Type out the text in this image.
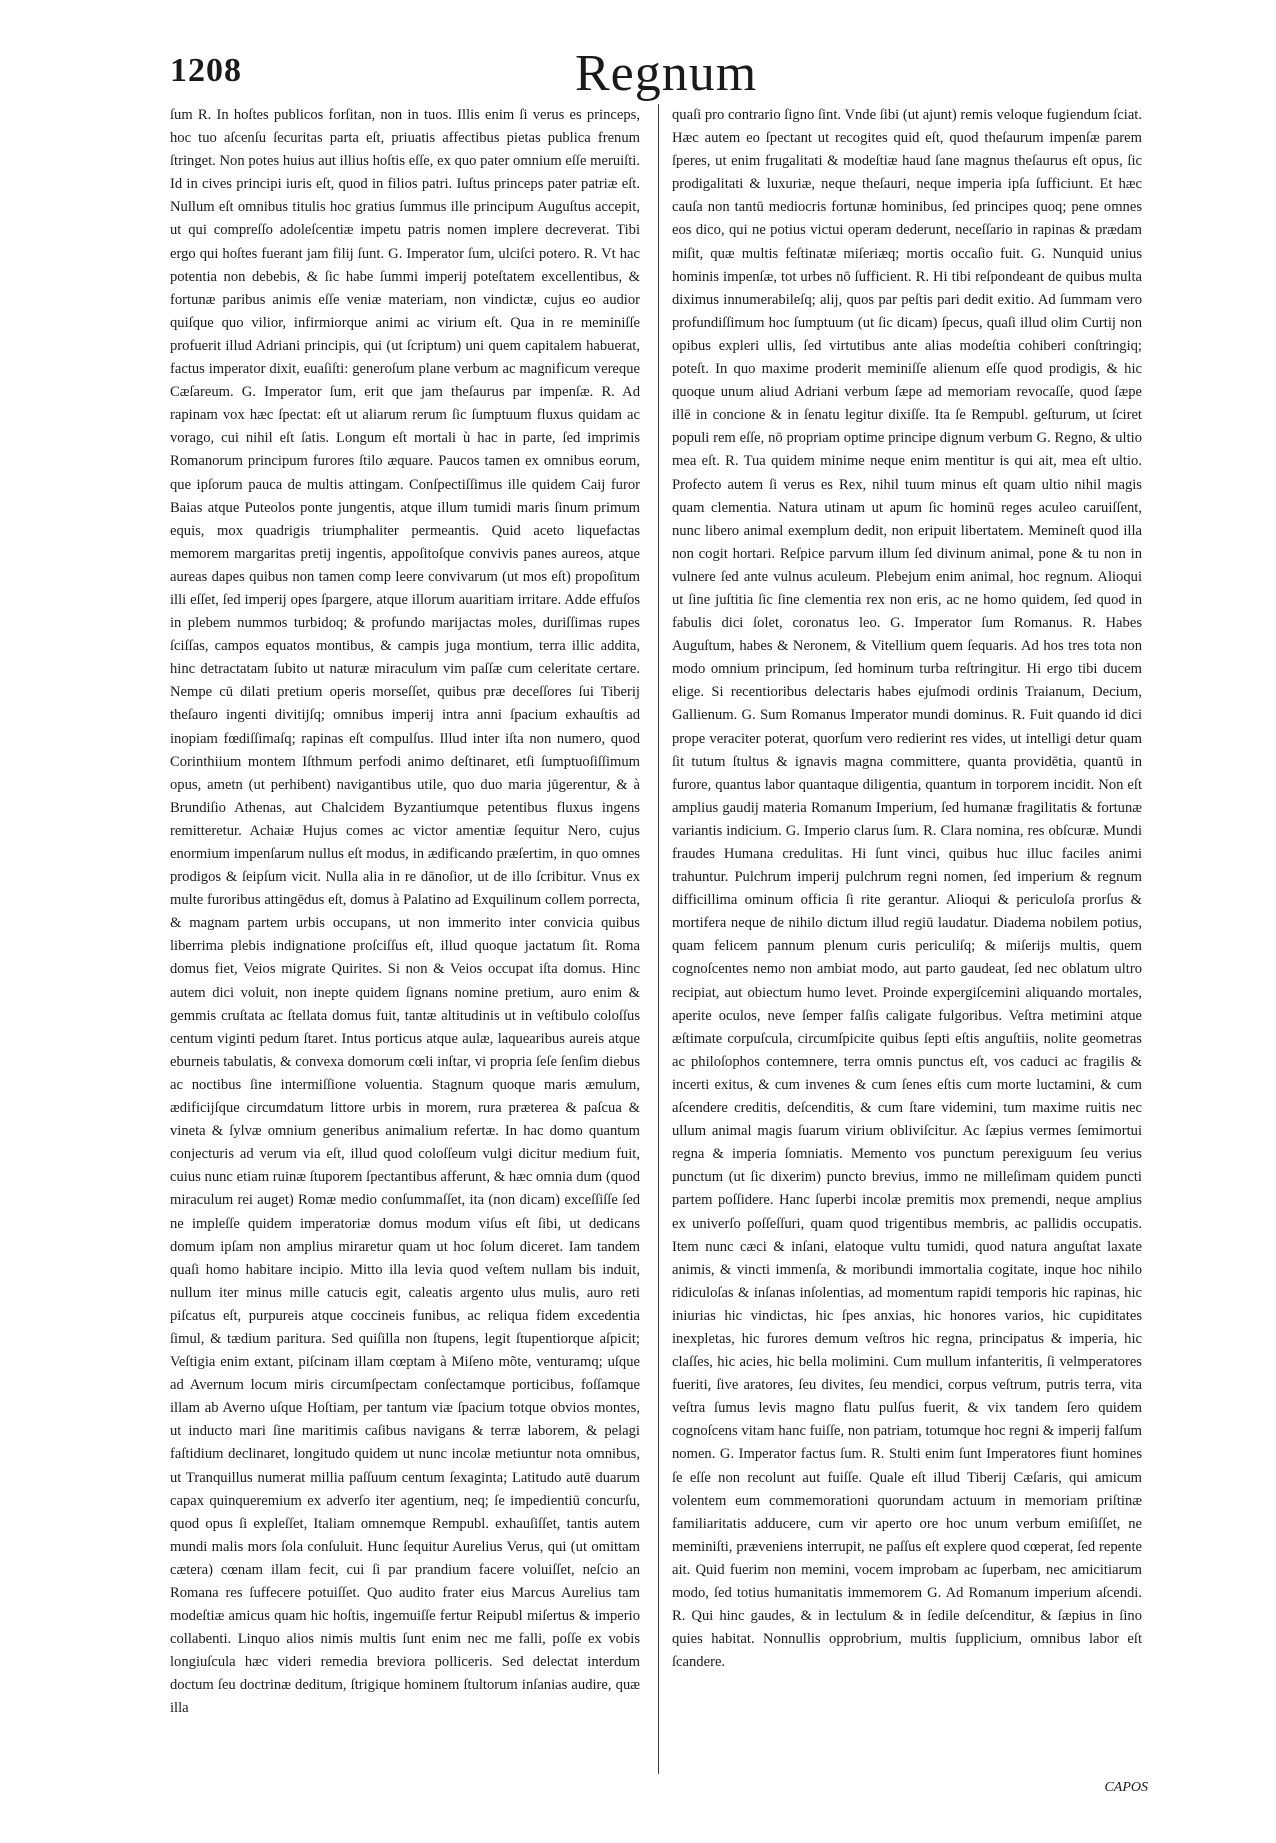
1208	Regnum

ſum R. In hoſtes publicos forſitan, non in tuos. Illis enim ſi verus es princeps, hoc tuo aſcenſu ſecuritas parta eſt, priuatis affectibus pietas publica frenum ſtringet. Non potes huius aut illius hoſtis eſſe, ex quo pater omnium eſſe meruiſti. Id in cives principi iuris eſt, quod in filios patri. Iuſtus princeps pater patriæ eſt. Nullum eſt omnibus titulis hoc gratius ſummus ille principum Auguſtus accepit, ut qui compreſſo adoleſcentiæ impetu patris nomen implere decreverat. Tibi ergo qui hoſtes fuerant jam filij ſunt. G. Imperator ſum, ulciſci potero. R. Vt hac potentia non debebis, & ſic habe ſummi imperij poteſtatem excellentibus, & fortunæ paribus animis eſſe veniæ materiam, non vindictæ, cujus eo audior quiſque quo vilior, infirmiorque animi ac virium eſt. Qua in re meminiſſe profuerit illud Adriani principis, qui (ut ſcriptum) uni quem capitalem habuerat, factus imperator dixit, euaſiſti: generoſum plane verbum ac magnificum vereque Cæſareum. G. Imperator ſum, erit que jam theſaurus par impenſæ. R. Ad rapinam vox hæc ſpectat: eſt ut aliarum rerum ſic ſumptuum fluxus quidam ac vorago, cui nihil eſt ſatis. Longum eſt mortali ù hac in parte, ſed imprimis Romanorum principum furores ſtilo æquare. Paucos tamen ex omnibus eorum, que ipſorum pauca de multis attingam. Conſpectiſſimus ille quidem Caij furor Baias atque Puteolos ponte jungentis, atque illum tumidi maris ſinum primum equis, mox quadrigis triumphaliter permeantis. Quid aceto liquefactas memorem margaritas pretij ingentis, appoſitoſque convivis panes aureos, atque aureas dapes quibus non tamen comp leere convivarum (ut mos eſt) propoſitum illi eſſet, ſed imperij opes ſpargere, atque illorum auaritiam irritare. Adde effuſos in plebem nummos turbidoq; & profundo marijactas moles, duriſſimas rupes ſciſſas, campos equatos montibus, & campis juga montium, terra illic addita, hinc detractatam ſubito ut naturæ miraculum vim paſſæ cum celeritate certare. Nempe cū dilati pretium operis morseſſet, quibus præ deceſſores ſui Tiberij theſauro ingenti divitijſq; omnibus imperij intra anni ſpacium exhauſtis ad inopiam fœdiſſimaſq; rapinas eſt compulſus. Illud inter iſta non numero, quod Corinthiium montem Iſthmum perfodi animo deſtinaret, etſi ſumptuoſiſſimum opus, ametn (ut perhibent) navigantibus utile, quo duo maria jūgerentur, & à Brundiſio Athenas, aut Chalcidem Byzantiumque petentibus fluxus ingens remitteretur. Achaiæ Hujus comes ac victor amentiæ ſequitur Nero, cujus enormium impenſarum nullus eſt modus, in ædificando præſertim, in quo omnes prodigos & ſeipſum vicit. Nulla alia in re dānoſior, ut de illo ſcribitur. Vnus ex multe furoribus attingēdus eſt, domus à Palatino ad Exquilinum collem porrecta, & magnam partem urbis occupans, ut non immerito inter convicia quibus liberrima plebis indignatione proſciſſus eſt, illud quoque jactatum ſit. Roma domus fiet, Veios migrate Quirites. Si non & Veios occupat iſta domus. Hinc autem dici voluit, non inepte quidem ſignans nomine pretium, auro enim & gemmis cruſtata ac ſtellata domus fuit, tantæ altitudinis ut in veſtibulo coloſſus centum viginti pedum ſtaret. Intus porticus atque aulæ, laquearibus aureis atque eburneis tabulatis, & convexa domorum cœli inſtar, vi propria ſeſe ſenſim diebus ac noctibus ſine intermiſſione voluentia. Stagnum quoque maris æmulum, ædificijſque circumdatum littore urbis in morem, rura præterea & paſcua & vineta & ſylvæ omnium generibus animalium refertæ. In hac domo quantum conjecturis ad verum via eſt, illud quod coloſſeum vulgi dicitur medium fuit, cuius nunc etiam ruinæ ſtuporem ſpectantibus afferunt, & hæc omnia dum (quod miraculum rei auget) Romæ medio conſummaſſet, ita (non dicam) exceſſiſſe ſed ne impleſſe quidem imperatoriæ domus modum viſus eſt ſibi, ut dedicans domum ipſam non amplius miraretur quam ut hoc ſolum diceret. Iam tandem quaſi homo habitare incipio. Mitto illa levia quod veſtem nullam bis induit, nullum iter minus mille catucis egit, caleatis argento ulus mulis, auro reti piſcatus eſt, purpureis atque coccineis funibus, ac reliqua fidem excedentia ſimul, & tædium paritura. Sed quiſilla non ſtupens, legit ſtupentiorque aſpicit; Veſtigia enim extant, piſcinam illam cœptam à Miſeno mõte, venturamq; uſque ad Avernum locum miris circumſpectam conſectamque porticibus, foſſamque illam ab Averno uſque Hoſtiam, per tantum viæ ſpacium totque obvios montes, ut inducto mari ſine maritimis caſibus navigans & terræ laborem, & pelagi faſtidium declinaret, longitudo quidem ut nunc incolæ metiuntur nota omnibus, ut Tranquillus numerat millia paſſuum centum ſexaginta; Latitudo autē duarum capax quinqueremium ex adverſo iter agentium, neq; ſe impedientiū concurſu, quod opus ſi expleſſet, Italiam omnemque Rempubl. exhauſiſſet, tantis autem mundi malis mors ſola conſuluit. Hunc ſequitur Aurelius Verus, qui (ut omittam cætera) cœnam illam fecit, cui ſi par prandium facere voluiſſet, neſcio an Romana res ſuffecere potuiſſet. Quo audito frater eius Marcus Aurelius tam modeſtiæ amicus quam hic hoſtis, ingemuiſſe fertur Reipubl miſertus & imperio collabenti. Linquo alios nimis multis ſunt enim nec me falli, poſſe ex vobis longiuſcula hæc videri remedia breviora polliceris. Sed delectat interdum doctum ſeu doctrinæ deditum, ſtrigique hominem ſtultorum inſanias audire, quæ illa

quaſi pro contrario ſigno ſint. Vnde ſibi (ut ajunt) remis veloque fugiendum ſciat. Hæc autem eo ſpectant ut recogites quid eſt, quod theſaurum impenſæ parem ſperes, ut enim frugalitati & modeſtiæ haud ſane magnus theſaurus eſt opus, ſic prodigalitati & luxuriæ, neque theſauri, neque imperia ipſa ſufficiunt. Et hæc cauſa non tantū mediocris fortunæ hominibus, ſed principes quoq; pene omnes eos dico, qui ne potius victui operam dederunt, neceſſario in rapinas & prædam miſit, quæ multis feſtinatæ miſeriæq; mortis occaſio fuit. G. Nunquid unius hominis impenſæ, tot urbes nō ſufficient. R. Hi tibi reſpondeant de quibus multa diximus innumerabileſq; alij, quos par peſtis pari dedit exitio. Ad ſummam vero profundiſſimum hoc ſumptuum (ut ſic dicam) ſpecus, quaſi illud olim Curtij non opibus expleri ullis, ſed virtutibus ante alias modeſtia cohiberi conſtringiq; poteſt. In quo maxime proderit meminiſſe alienum eſſe quod prodigis, & hic quoque unum aliud Adriani verbum ſæpe ad memoriam revocaſſe, quod ſæpe illē in concione & in ſenatu legitur dixiſſe. Ita ſe Rempubl. geſturum, ut ſciret populi rem eſſe, nō propriam optime principe dignum verbum G. Regno, & ultio mea eſt. R. Tua quidem minime neque enim mentitur is qui ait, mea eſt ultio. Profecto autem ſi verus es Rex, nihil tuum minus eſt quam ultio nihil magis quam clementia. Natura utinam ut apum ſic hominū reges aculeo caruiſſent, nunc libero animal exemplum dedit, non eripuit libertatem. Memineſt quod illa non cogit hortari. Reſpice parvum illum ſed divinum animal, pone & tu non in vulnere ſed ante vulnus aculeum. Plebejum enim animal, hoc regnum. Alioqui ut ſine juſtitia ſic ſine clementia rex non eris, ac ne homo quidem, ſed quod in fabulis dici ſolet, coronatus leo. G. Imperator ſum Romanus. R. Habes Auguſtum, habes & Neronem, & Vitellium quem ſequaris. Ad hos tres tota non modo omnium principum, ſed hominum turba reſtringitur. Hi ergo tibi ducem elige. Si recentioribus delectaris habes ejuſmodi ordinis Traianum, Decium, Gallienum. G. Sum Romanus Imperator mundi dominus. R. Fuit quando id dici prope veraciter poterat, quorſum vero redierint res vides, ut intelligi detur quam ſit tutum ſtultus & ignavis magna committere, quanta providētia, quantū in furore, quantus labor quantaque diligentia, quantum in torporem incidit. Non eſt amplius gaudij materia Romanum Imperium, ſed humanæ fragilitatis & fortunæ variantis indicium. G. Imperio clarus ſum. R. Clara nomina, res obſcuræ. Mundi fraudes Humana credulitas. Hi ſunt vinci, quibus huc illuc faciles animi trahuntur. Pulchrum imperij pulchrum regni nomen, ſed imperium & regnum difficillima ominum officia ſi rite gerantur. Alioqui & periculoſa prorſus & mortifera neque de nihilo dictum illud regiū laudatur. Diadema nobilem potius, quam felicem pannum plenum curis periculiſq; & miſerijs multis, quem cognoſcentes nemo non ambiat modo, aut parto gaudeat, ſed nec oblatum ultro recipiat, aut obiectum humo levet. Proinde expergiſcemini aliquando mortales, aperite oculos, neve ſemper falſis caligate fulgoribus. Veſtra metimini atque æſtimate corpuſcula, circumſpicite quibus ſepti eſtis anguſtiis, nolite geometras ac philoſophos contemnere, terra omnis punctus eſt, vos caduci ac fragilis & incerti exitus, & cum invenes & cum ſenes eſtis cum morte luctamini, & cum aſcendere creditis, deſcenditis, & cum ſtare videmini, tum maxime ruitis nec ullum animal magis ſuarum virium obliviſcitur. Ac ſæpius vermes ſemimortui regna & imperia ſomniatis. Memento vos punctum perexiguum ſeu verius punctum (ut ſic dixerim) puncto brevius, immo ne milleſimam quidem puncti partem poſſidere. Hanc ſuperbi incolæ premitis mox premendi, neque amplius ex univerſo poſſeſſuri, quam quod trigentibus membris, ac pallidis occupatis. Item nunc cæci & inſani, elatoque vultu tumidi, quod natura anguſtat laxate animis, & vincti immenſa, & moribundi immortalia cogitate, inque hoc nihilo ridiculoſas & inſanas inſolentias, ad momentum rapidi temporis hic rapinas, hic iniurias hic vindictas, hic ſpes anxias, hic honores varios, hic cupiditates inexpletas, hic furores demum veſtros hic regna, principatus & imperia, hic claſſes, hic acies, hic bella molimini. Cum mullum infanteritis, ſi velmperatores fueriti, ſive aratores, ſeu divites, ſeu mendici, corpus veſtrum, putris terra, vita veſtra ſumus levis magno flatu pulſus fuerit, & vix tandem ſero quidem cognoſcens vitam hanc fuiſſe, non patriam, totumque hoc regni & imperij falſum nomen. G. Imperator factus ſum. R. Stulti enim ſunt Imperatores fiunt homines ſe eſſe non recolunt aut fuiſſe. Quale eſt illud Tiberij Cæſaris, qui amicum volentem eum commemorationi quorundam actuum in memoriam priſtinæ familiaritatis adducere, cum vir aperto ore hoc unum verbum emiſiſſet, ne meminiſti, præveniens interrupit, ne paſſus eſt explere quod cœperat, ſed repente ait. Quid fuerim non memini, vocem improbam ac ſuperbam, nec amicitiarum modo, ſed totius humanitatis immemorem G. Ad Romanum imperium aſcendi. R. Qui hinc gaudes, & in lectulum & in ſedile deſcenditur, & ſæpius in ſino quies habitat. Nonnullis opprobrium, multis ſupplicium, omnibus labor eſt ſcandere.

CAPOS
